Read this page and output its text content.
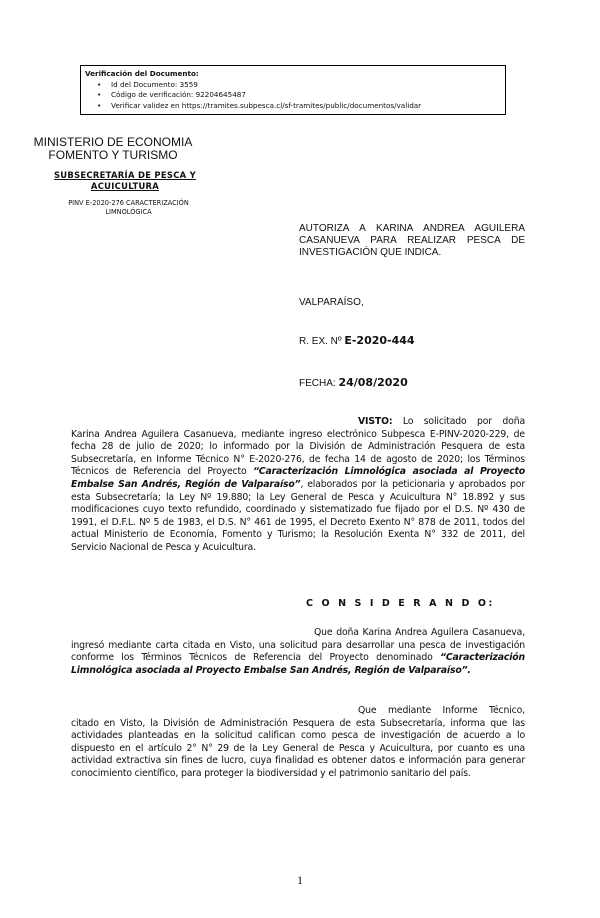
Verificación del Documento:
• Id del Documento: 3559
• Código de verificación: 92204645487
• Verificar validez en https://tramites.subpesca.cl/sf-tramites/public/documentos/validar
MINISTERIO DE ECONOMIA
FOMENTO Y TURISMO
SUBSECRETARÍA DE PESCA Y ACUICULTURA
PINV E-2020-276 CARACTERIZACIÓN LIMNOLÓGICA
AUTORIZA A KARINA ANDREA AGUILERA CASANUEVA PARA REALIZAR PESCA DE INVESTIGACIÓN QUE INDICA.
VALPARAÍSO,
R. EX. Nº E-2020-444
FECHA: 24/08/2020

VISTO: Lo solicitado por doña Karina Andrea Aguilera Casanueva, mediante ingreso electrónico Subpesca E-PINV-2020-229, de fecha 28 de julio de 2020; lo informado por la División de Administración Pesquera de esta Subsecretaría, en Informe Técnico N° E-2020-276, de fecha 14 de agosto de 2020; los Términos Técnicos de Referencia del Proyecto “Caracterización Limnológica asociada al Proyecto Embalse San Andrés, Región de Valparaíso”, elaborados por la peticionaria y aprobados por esta Subsecretaría; la Ley Nº 19.880; la Ley General de Pesca y Acuicultura N° 18.892 y sus modificaciones cuyo texto refundido, coordinado y sistematizado fue fijado por el D.S. Nº 430 de 1991, el D.F.L. Nº 5 de 1983, el D.S. N° 461 de 1995, el Decreto Exento N° 878 de 2011, todos del actual Ministerio de Economía, Fomento y Turismo; la Resolución Exenta N° 332 de 2011, del Servicio Nacional de Pesca y Acuicultura.

C O N S I D E R A N D O:

Que doña Karina Andrea Aguilera Casanueva, ingresó mediante carta citada en Visto, una solicitud para desarrollar una pesca de investigación conforme los Términos Técnicos de Referencia del Proyecto denominado “Caracterización Limnológica asociada al Proyecto Embalse San Andrés, Región de Valparaíso”.

Que mediante Informe Técnico, citado en Visto, la División de Administración Pesquera de esta Subsecretaría, informa que las actividades planteadas en la solicitud califican como pesca de investigación de acuerdo a lo dispuesto en el artículo 2° N° 29 de la Ley General de Pesca y Acuicultura, por cuanto es una actividad extractiva sin fines de lucro, cuya finalidad es obtener datos e información para generar conocimiento científico, para proteger la biodiversidad y el patrimonio sanitario del país.

1
